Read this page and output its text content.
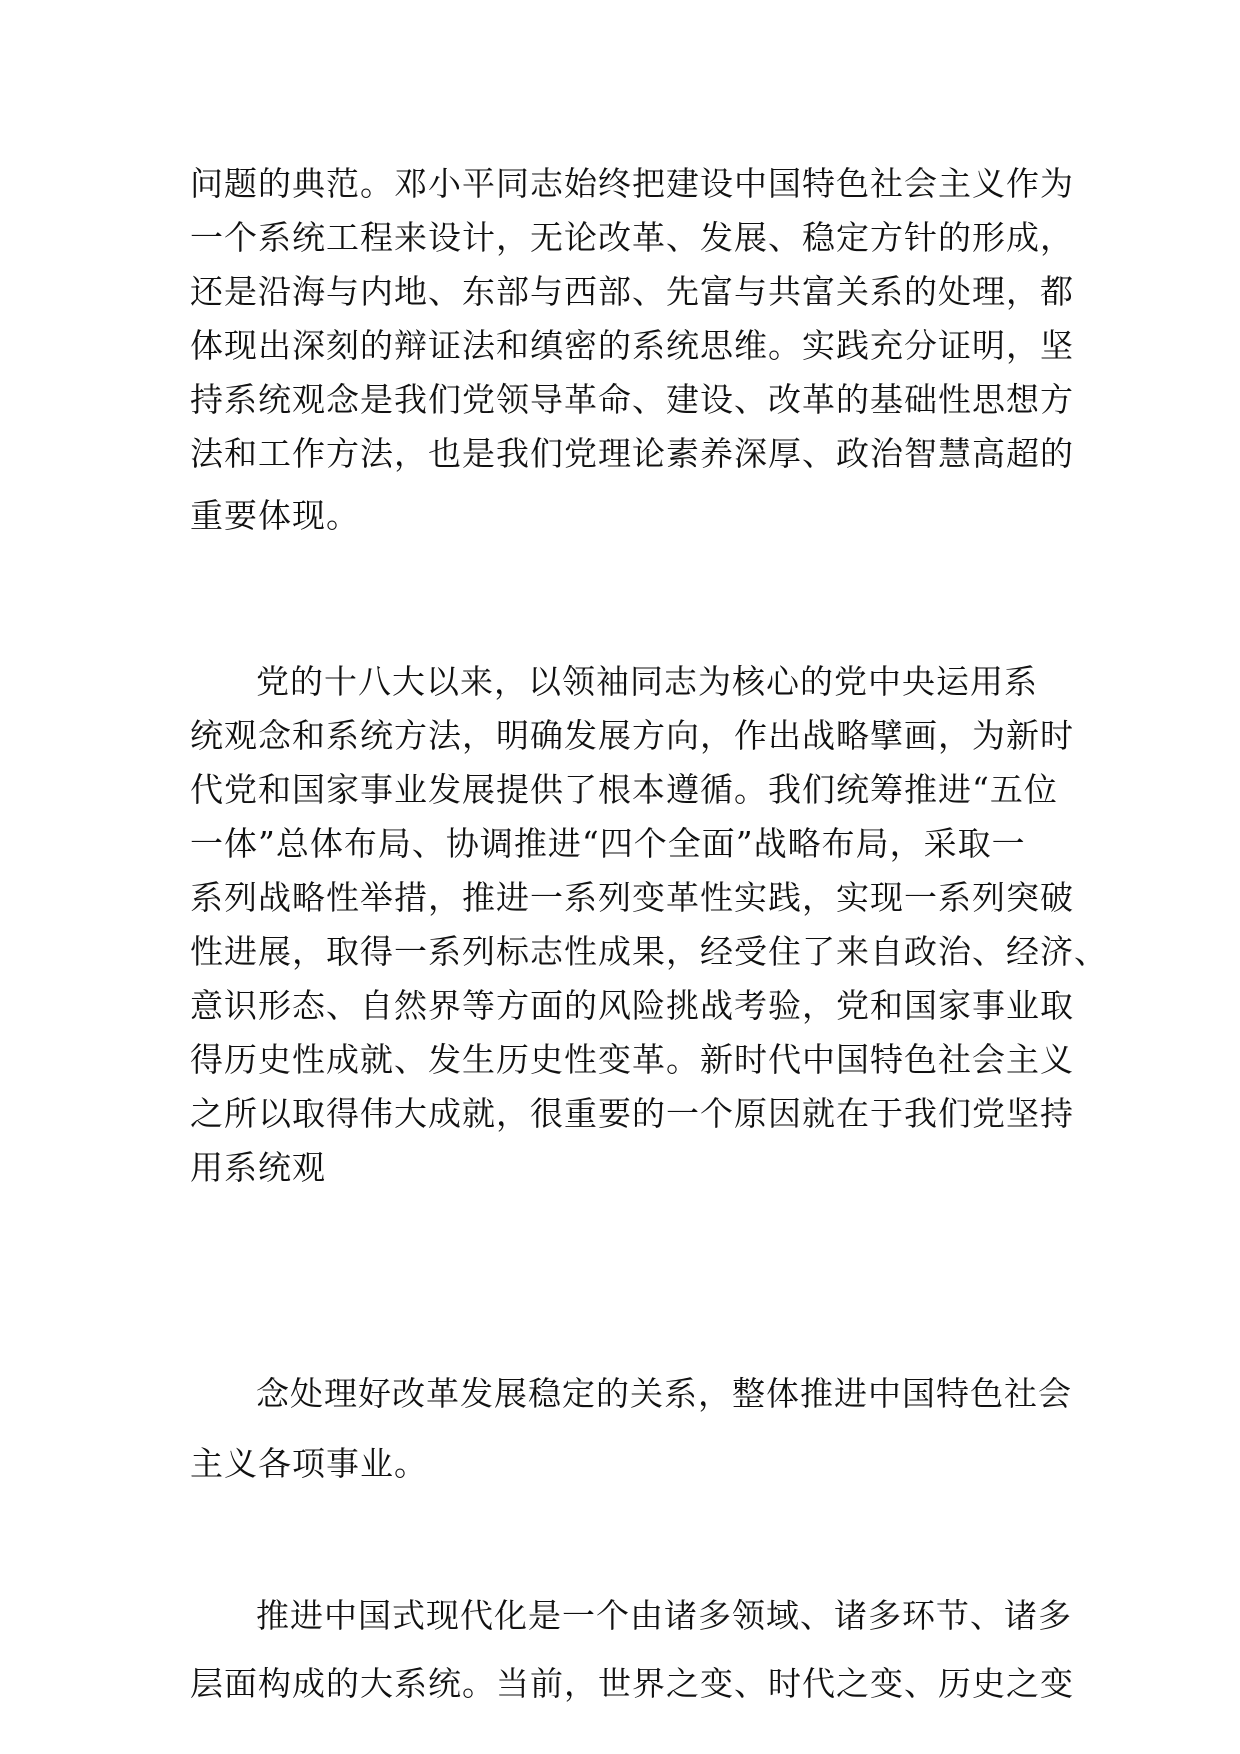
问题的典范。邓小平同志始终把建设中国特色社会主义作为
一个系统工程来设计，无论改革、发展、稳定方针的形成，
还是沿海与内地、东部与西部、先富与共富关系的处理，都
体现出深刻的辩证法和缜密的系统思维。实践充分证明，坚
持系统观念是我们党领导革命、建设、改革的基础性思想方
法和工作方法，也是我们党理论素养深厚、政治智慧高超的
重要体现。
党的十八大以来，以领袖同志为核心的党中央运用系
统观念和系统方法，明确发展方向，作出战略擘画，为新时
代党和国家事业发展提供了根本遵循。我们统筹推进“五位
一体”总体布局、协调推进“四个全面”战略布局，采取一
系列战略性举措，推进一系列变革性实践，实现一系列突破
性进展，取得一系列标志性成果，经受住了来自政治、经济、
意识形态、自然界等方面的风险挑战考验，党和国家事业取
得历史性成就、发生历史性变革。新时代中国特色社会主义
之所以取得伟大成就，很重要的一个原因就在于我们党坚持
用系统观
念处理好改革发展稳定的关系，整体推进中国特色社会
主义各项事业。
推进中国式现代化是一个由诸多领域、诸多环节、诸多
层面构成的大系统。当前，世界之变、时代之变、历史之变
